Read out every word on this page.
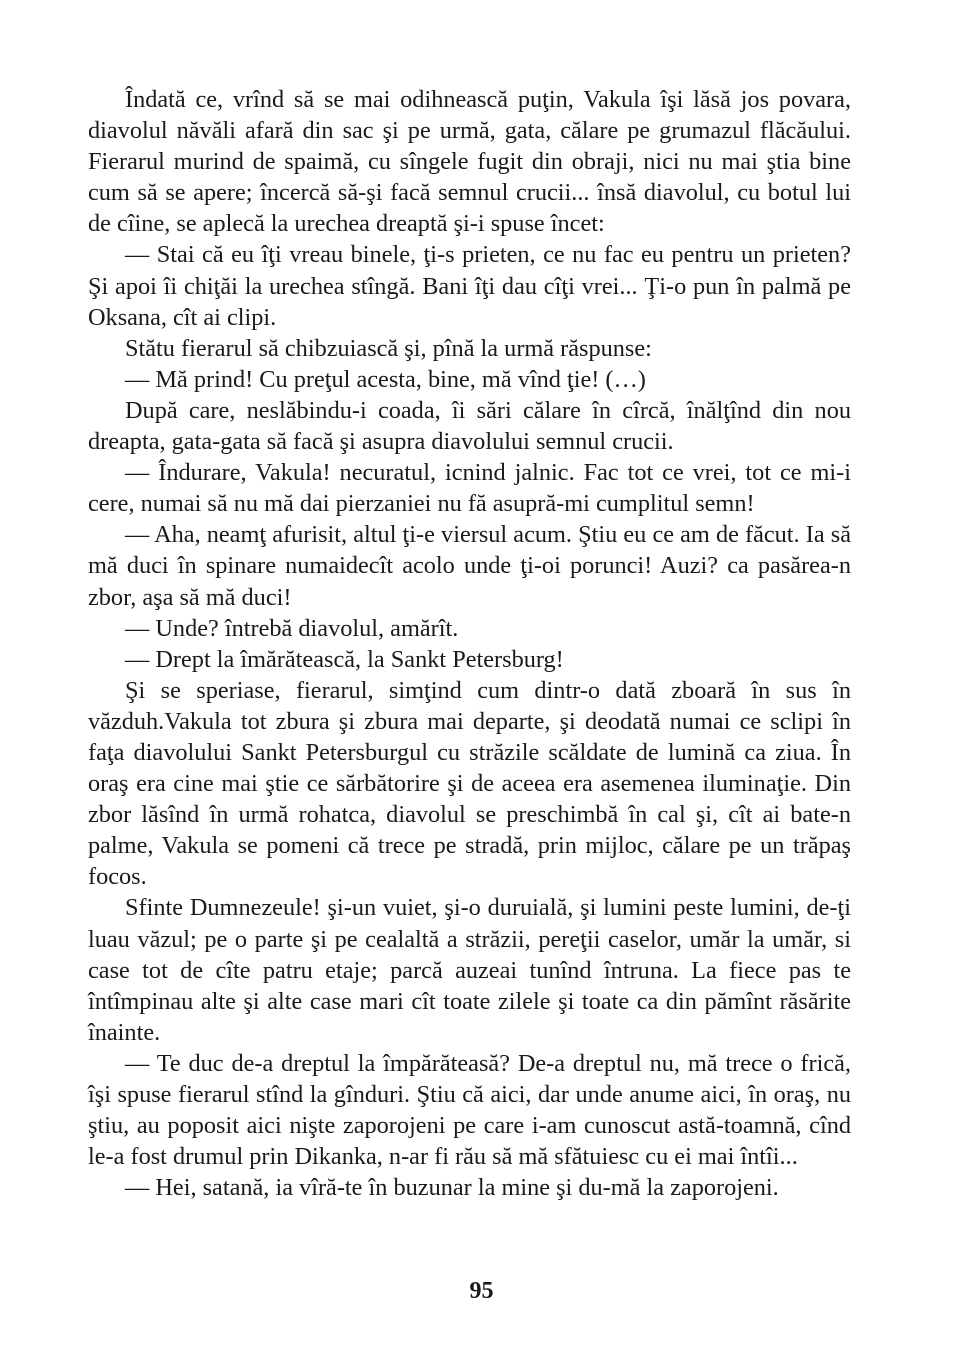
Îndată ce, vrînd să se mai odihnească puţin, Vakula îşi lăsă jos povara, diavolul năvăli afară din sac şi pe urmă, gata, călare pe grumazul flăcăului. Fierarul murind de spaimă, cu sîngele fugit din obraji, nici nu mai ştia bine cum să se apere; încercă să-şi facă semnul crucii... însă diavolul, cu botul lui de cîine, se aplecă la urechea dreaptă şi-i spuse încet:

— Stai că eu îţi vreau binele, ţi-s prieten, ce nu fac eu pentru un prieten? Şi apoi îi chiţăi la urechea stîngă. Bani îţi dau cîţi vrei... Ţi-o pun în palmă pe Oksana, cît ai clipi.

Stătu fierarul să chibzuiască şi, pînă la urmă răspunse:

— Mă prind! Cu preţul acesta, bine, mă vînd ţie! (…)

După care, neslăbindu-i coada, îi sări călare în cîrcă, înălţînd din nou dreapta, gata-gata să facă şi asupra diavolului semnul crucii.

— Îndurare, Vakula! necuratul, icnind jalnic. Fac tot ce vrei, tot ce mi-i cere, numai să nu mă dai pierzaniei nu fă asupră-mi cumplitul semn!

— Aha, neamţ afurisit, altul ţi-e viersul acum. Ştiu eu ce am de făcut. Ia să mă duci în spinare numaidecît acolo unde ţi-oi porunci! Auzi? ca pasărea-n zbor, aşa să mă duci!

— Unde? întrebă diavolul, amărît.

— Drept la îmărătească, la Sankt Petersburg!

Şi se speriase, fierarul, simţind cum dintr-o dată zboară în sus în văzduh.Vakula tot zbura şi zbura mai departe, şi deodată numai ce sclipi în faţa diavolului Sankt Petersburgul cu străzile scăldate de lumină ca ziua. În oraş era cine mai ştie ce sărbătorire şi de aceea era asemenea iluminaţie. Din zbor lăsînd în urmă rohatca, diavolul se preschimbă în cal şi, cît ai bate-n palme, Vakula se pomeni că trece pe stradă, prin mijloc, călare pe un trăpaş focos.

Sfinte Dumnezeule! şi-un vuiet, şi-o duruială, şi lumini peste lumini, de-ţi luau văzul; pe o parte şi pe cealaltă a străzii, pereţii caselor, umăr la umăr, si case tot de cîte patru etaje; parcă auzeai tunînd întruna. La fiece pas te întîmpinau alte şi alte case mari cît toate zilele şi toate ca din pămînt răsărite înainte.

— Te duc de-a dreptul la împărăteasă? De-a dreptul nu, mă trece o frică, îşi spuse fierarul stînd la gînduri. Ştiu că aici, dar unde anume aici, în oraş, nu ştiu, au poposit aici nişte zaporojeni pe care i-am cunoscut astă-toamnă, cînd le-a fost drumul prin Dikanka, n-ar fi rău să mă sfătuiesc cu ei mai întîi...

— Hei, satană, ia vîră-te în buzunar la mine şi du-mă la zaporojeni.

95
